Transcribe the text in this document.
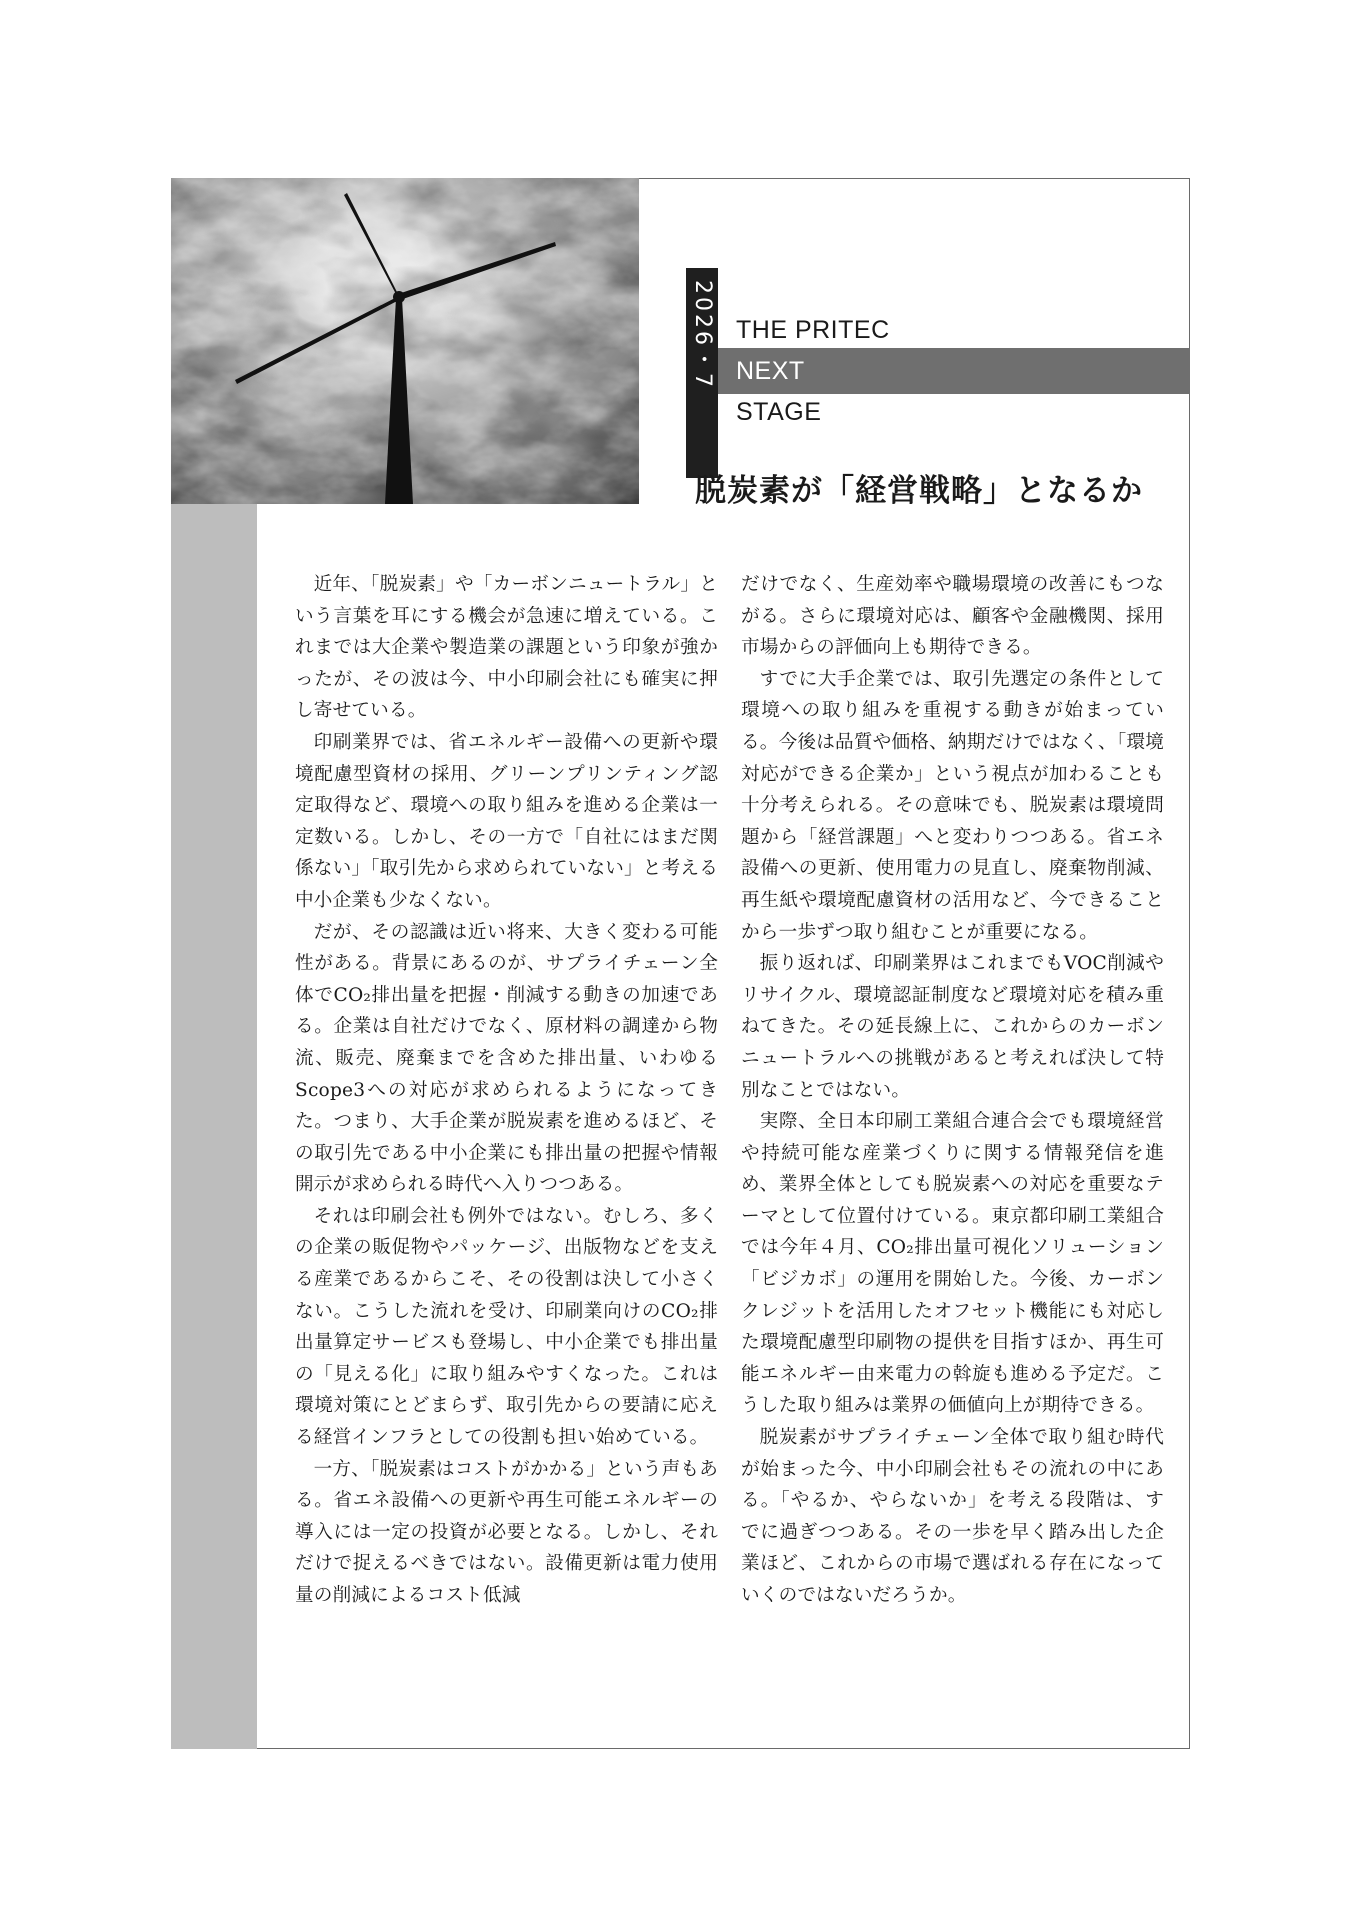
2026・7 THE PRITEC
NEXT
STAGE
脱炭素が「経営戦略」となるか

近年、「脱炭素」や「カーボンニュートラル」という言葉を耳にする機会が急速に増えている。これまでは大企業や製造業の課題という印象が強かったが、その波は今、中小印刷会社にも確実に押し寄せている。

印刷業界では、省エネルギー設備への更新や環境配慮型資材の採用、グリーンプリンティング認定取得など、環境への取り組みを進める企業は一定数いる。しかし、その一方で「自社にはまだ関係ない」「取引先から求められていない」と考える中小企業も少なくない。

だが、その認識は近い将来、大きく変わる可能性がある。背景にあるのが、サプライチェーン全体でCO₂排出量を把握・削減する動きの加速である。企業は自社だけでなく、原材料の調達から物流、販売、廃棄までを含めた排出量、いわゆるScope3への対応が求められるようになってきた。つまり、大手企業が脱炭素を進めるほど、その取引先である中小企業にも排出量の把握や情報開示が求められる時代へ入りつつある。

それは印刷会社も例外ではない。むしろ、多くの企業の販促物やパッケージ、出版物などを支える産業であるからこそ、その役割は決して小さくない。こうした流れを受け、印刷業向けのCO₂排出量算定サービスも登場し、中小企業でも排出量の「見える化」に取り組みやすくなった。これは環境対策にとどまらず、取引先からの要請に応える経営インフラとしての役割も担い始めている。

一方、「脱炭素はコストがかかる」という声もある。省エネ設備への更新や再生可能エネルギーの導入には一定の投資が必要となる。しかし、それだけで捉えるべきではない。設備更新は電力使用量の削減によるコスト低減

だけでなく、生産効率や職場環境の改善にもつながる。さらに環境対応は、顧客や金融機関、採用市場からの評価向上も期待できる。

すでに大手企業では、取引先選定の条件として環境への取り組みを重視する動きが始まっている。今後は品質や価格、納期だけではなく、「環境対応ができる企業か」という視点が加わることも十分考えられる。その意味でも、脱炭素は環境問題から「経営課題」へと変わりつつある。省エネ設備への更新、使用電力の見直し、廃棄物削減、再生紙や環境配慮資材の活用など、今できることから一歩ずつ取り組むことが重要になる。

振り返れば、印刷業界はこれまでもVOC削減やリサイクル、環境認証制度など環境対応を積み重ねてきた。その延長線上に、これからのカーボンニュートラルへの挑戦があると考えれば決して特別なことではない。

実際、全日本印刷工業組合連合会でも環境経営や持続可能な産業づくりに関する情報発信を進め、業界全体としても脱炭素への対応を重要なテーマとして位置付けている。東京都印刷工業組合では今年４月、CO₂排出量可視化ソリューション「ビジカボ」の運用を開始した。今後、カーボンクレジットを活用したオフセット機能にも対応した環境配慮型印刷物の提供を目指すほか、再生可能エネルギー由来電力の斡旋も進める予定だ。こうした取り組みは業界の価値向上が期待できる。

脱炭素がサプライチェーン全体で取り組む時代が始まった今、中小印刷会社もその流れの中にある。「やるか、やらないか」を考える段階は、すでに過ぎつつある。その一歩を早く踏み出した企業ほど、これからの市場で選ばれる存在になっていくのではないだろうか。
